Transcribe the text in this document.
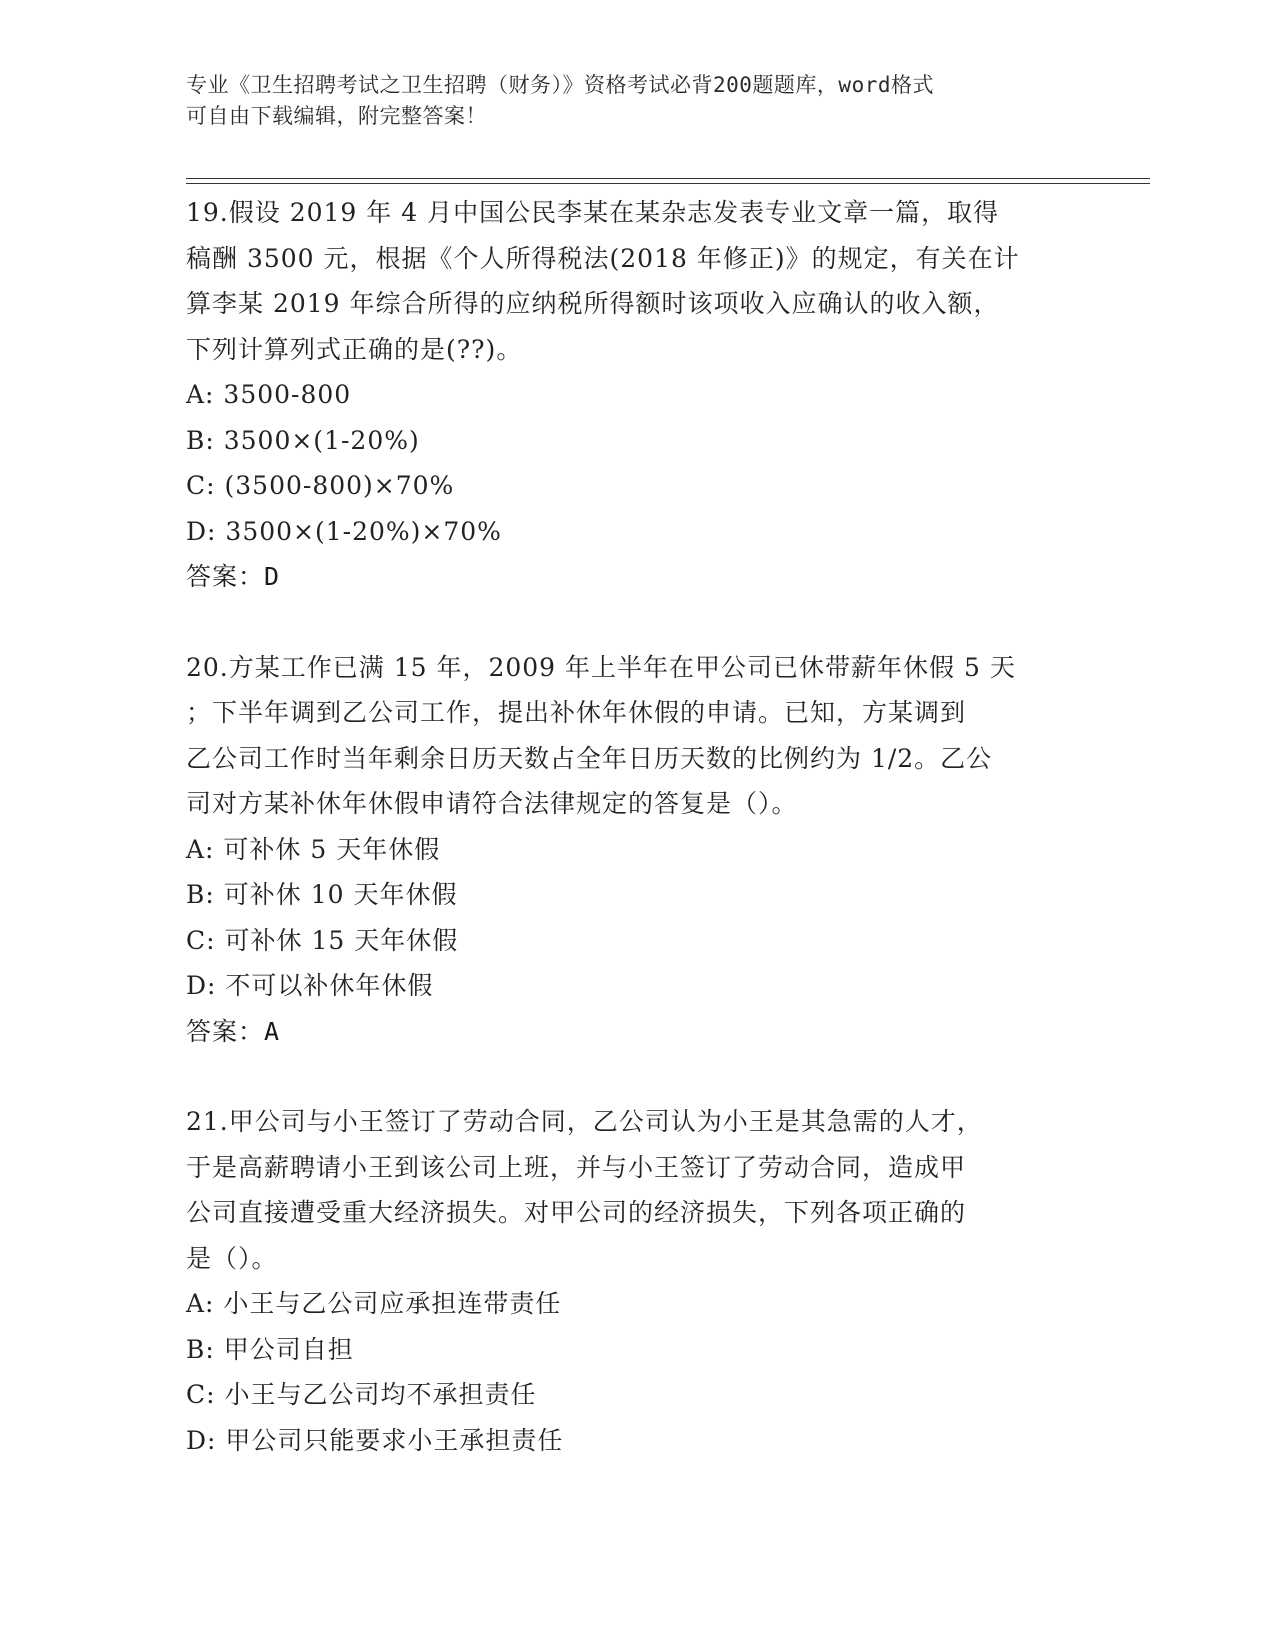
专业《卫生招聘考试之卫生招聘（财务）》资格考试必背200题题库，word格式
可自由下载编辑，附完整答案！
19.假设 2019 年 4 月中国公民李某在某杂志发表专业文章一篇，取得
稿酬 3500 元，根据《个人所得税法(2018 年修正)》的规定，有关在计
算李某 2019 年综合所得的应纳税所得额时该项收入应确认的收入额，
下列计算列式正确的是(??)。
A: 3500-800
B: 3500×(1-20%)
C: (3500-800)×70%
D: 3500×(1-20%)×70%
答案：D
20.方某工作已满 15 年，2009 年上半年在甲公司已休带薪年休假 5 天
；下半年调到乙公司工作，提出补休年休假的申请。已知，方某调到
乙公司工作时当年剩余日历天数占全年日历天数的比例约为 1/2。乙公
司对方某补休年休假申请符合法律规定的答复是（）。
A: 可补休 5 天年休假
B: 可补休 10 天年休假
C: 可补休 15 天年休假
D: 不可以补休年休假
答案：A
21.甲公司与小王签订了劳动合同，乙公司认为小王是其急需的人才，
于是高薪聘请小王到该公司上班，并与小王签订了劳动合同，造成甲
公司直接遭受重大经济损失。对甲公司的经济损失，下列各项正确的
是（）。
A: 小王与乙公司应承担连带责任
B: 甲公司自担
C: 小王与乙公司均不承担责任
D: 甲公司只能要求小王承担责任
